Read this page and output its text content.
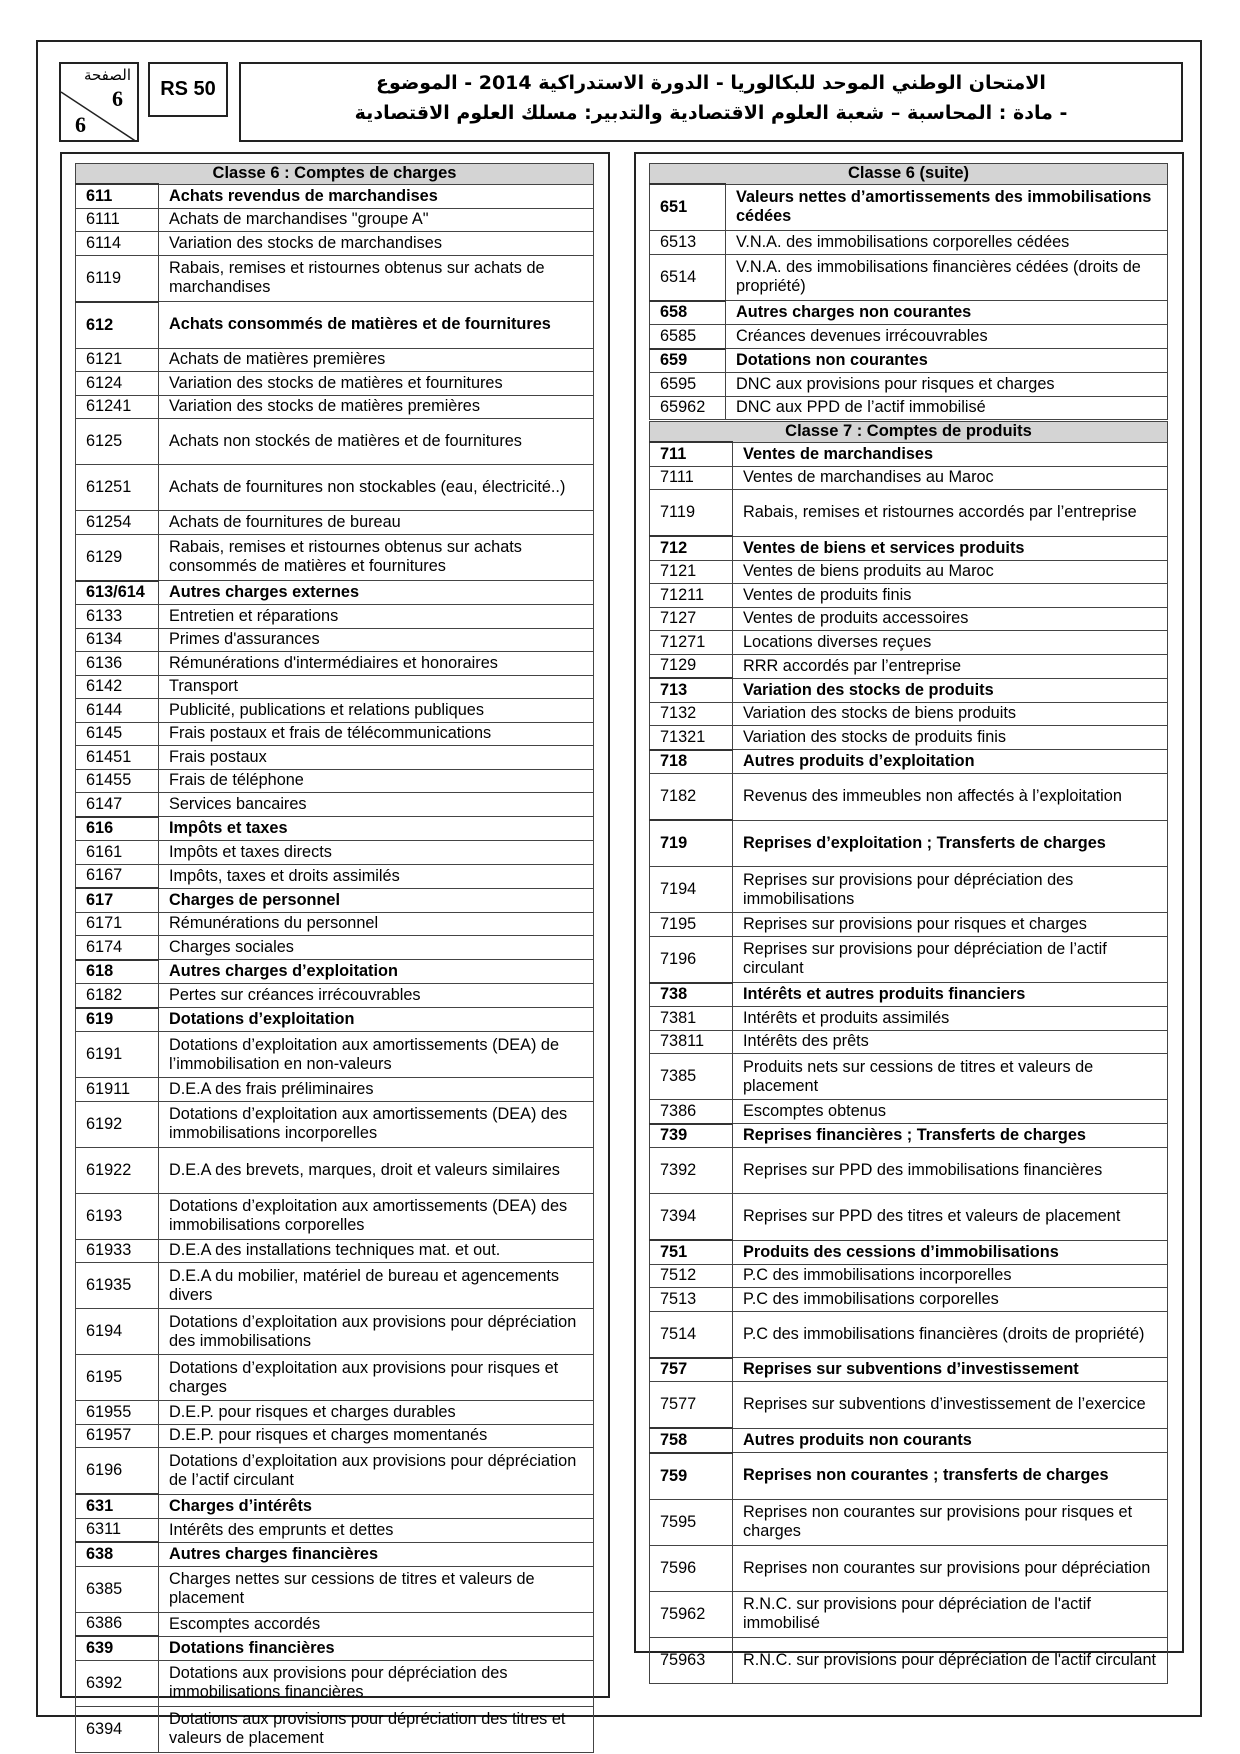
الصفحة
6
6
RS 50	الامتحان الوطني الموحد للبكالوريا - الدورة الاستدراكية 2014 - الموضوع
- مادة : المحاسبة – شعبة العلوم الاقتصادية والتدبير: مسلك العلوم الاقتصادية
Classe 6 : Comptes de charges	
611	Achats revendus de marchandises
6111	Achats de marchandises "groupe A"
6114	Variation des stocks de marchandises
6119	Rabais, remises et ristournes obtenus sur achats de marchandises
612	Achats consommés de matières et de fournitures
6121	Achats de matières premières
6124	Variation des stocks de matières et fournitures
61241	Variation des stocks de matières premières
6125	Achats non stockés de matières et de fournitures
61251	Achats de fournitures non stockables (eau, électricité..)
61254	Achats de fournitures de bureau
6129	Rabais, remises et ristournes obtenus sur achats consommés de matières et fournitures
613/614	Autres charges externes
6133	Entretien et réparations
6134	Primes d'assurances
6136	Rémunérations d'intermédiaires et honoraires
6142	Transport
6144	Publicité, publications et relations publiques
6145	Frais postaux et frais de télécommunications
61451	Frais postaux
61455	Frais de téléphone
6147	Services bancaires
616	Impôts et taxes
6161	Impôts et taxes directs
6167	Impôts, taxes et droits assimilés
617	Charges de personnel
6171	Rémunérations du personnel
6174	Charges sociales
618	Autres charges d’exploitation
6182	Pertes sur créances irrécouvrables
619	Dotations d’exploitation
6191	Dotations d’exploitation aux amortissements (DEA) de l’immobilisation en non-valeurs
61911	D.E.A des frais préliminaires
6192	Dotations d’exploitation aux amortissements (DEA) des immobilisations incorporelles
61922	D.E.A des brevets, marques, droit et valeurs similaires
6193	Dotations d’exploitation aux amortissements (DEA) des immobilisations corporelles
61933	D.E.A des installations techniques mat. et out.
61935	D.E.A du mobilier, matériel de bureau et agencements divers
6194	Dotations d’exploitation aux provisions pour dépréciation des immobilisations
6195	Dotations d’exploitation aux provisions pour risques et charges
61955	D.E.P. pour risques et charges durables
61957	D.E.P. pour risques et charges momentanés
6196	Dotations d’exploitation aux provisions pour dépréciation de l’actif circulant
631	Charges d’intérêts
6311	Intérêts des emprunts et dettes
638	Autres charges financières
6385	Charges nettes sur cessions de titres et valeurs de placement
6386	Escomptes accordés
639	Dotations financières
6392	Dotations aux provisions pour dépréciation des immobilisations financières
6394	Dotations aux provisions pour dépréciation des titres et valeurs de placement
Classe 6 (suite)	
651	Valeurs nettes d’amortissements des immobilisations cédées
6513	V.N.A. des immobilisations corporelles cédées
6514	V.N.A. des immobilisations financières cédées (droits de propriété)
658	Autres charges non courantes
6585	Créances devenues irrécouvrables
659	Dotations non courantes
6595	DNC aux provisions pour risques et charges
65962	DNC aux PPD de l’actif immobilisé
Classe 7 : Comptes de produits	
711	Ventes de marchandises
7111	Ventes de marchandises au Maroc
7119	Rabais, remises et ristournes accordés par l’entreprise
712	Ventes de biens et services produits
7121	Ventes de biens produits au Maroc
71211	Ventes de produits finis
7127	Ventes de produits accessoires
71271	Locations diverses reçues
7129	RRR accordés par l’entreprise
713	Variation des stocks de produits
7132	Variation des stocks de biens produits
71321	Variation des stocks de produits finis
718	Autres produits d’exploitation
7182	Revenus des immeubles non affectés à l’exploitation
719	Reprises d’exploitation ; Transferts de charges
7194	Reprises sur provisions pour dépréciation des immobilisations
7195	Reprises sur provisions pour risques et charges
7196	Reprises sur provisions pour dépréciation de l’actif circulant
738	Intérêts et autres produits financiers
7381	Intérêts et produits assimilés
73811	Intérêts des prêts
7385	Produits nets sur cessions de titres et valeurs de placement
7386	Escomptes obtenus
739	Reprises financières ; Transferts de charges
7392	Reprises sur PPD des immobilisations financières
7394	Reprises sur PPD des titres et valeurs de placement
751	Produits des cessions d’immobilisations
7512	P.C des immobilisations incorporelles
7513	P.C des immobilisations corporelles
7514	P.C des immobilisations financières (droits de propriété)
757	Reprises sur subventions d’investissement
7577	Reprises sur subventions d’investissement de l’exercice
758	Autres produits non courants
759	Reprises non courantes ; transferts de charges
7595	Reprises non courantes sur provisions pour risques et charges
7596	Reprises non courantes sur provisions pour dépréciation
75962	R.N.C. sur provisions pour dépréciation de l'actif immobilisé
75963	R.N.C. sur provisions pour dépréciation de l'actif circulant
